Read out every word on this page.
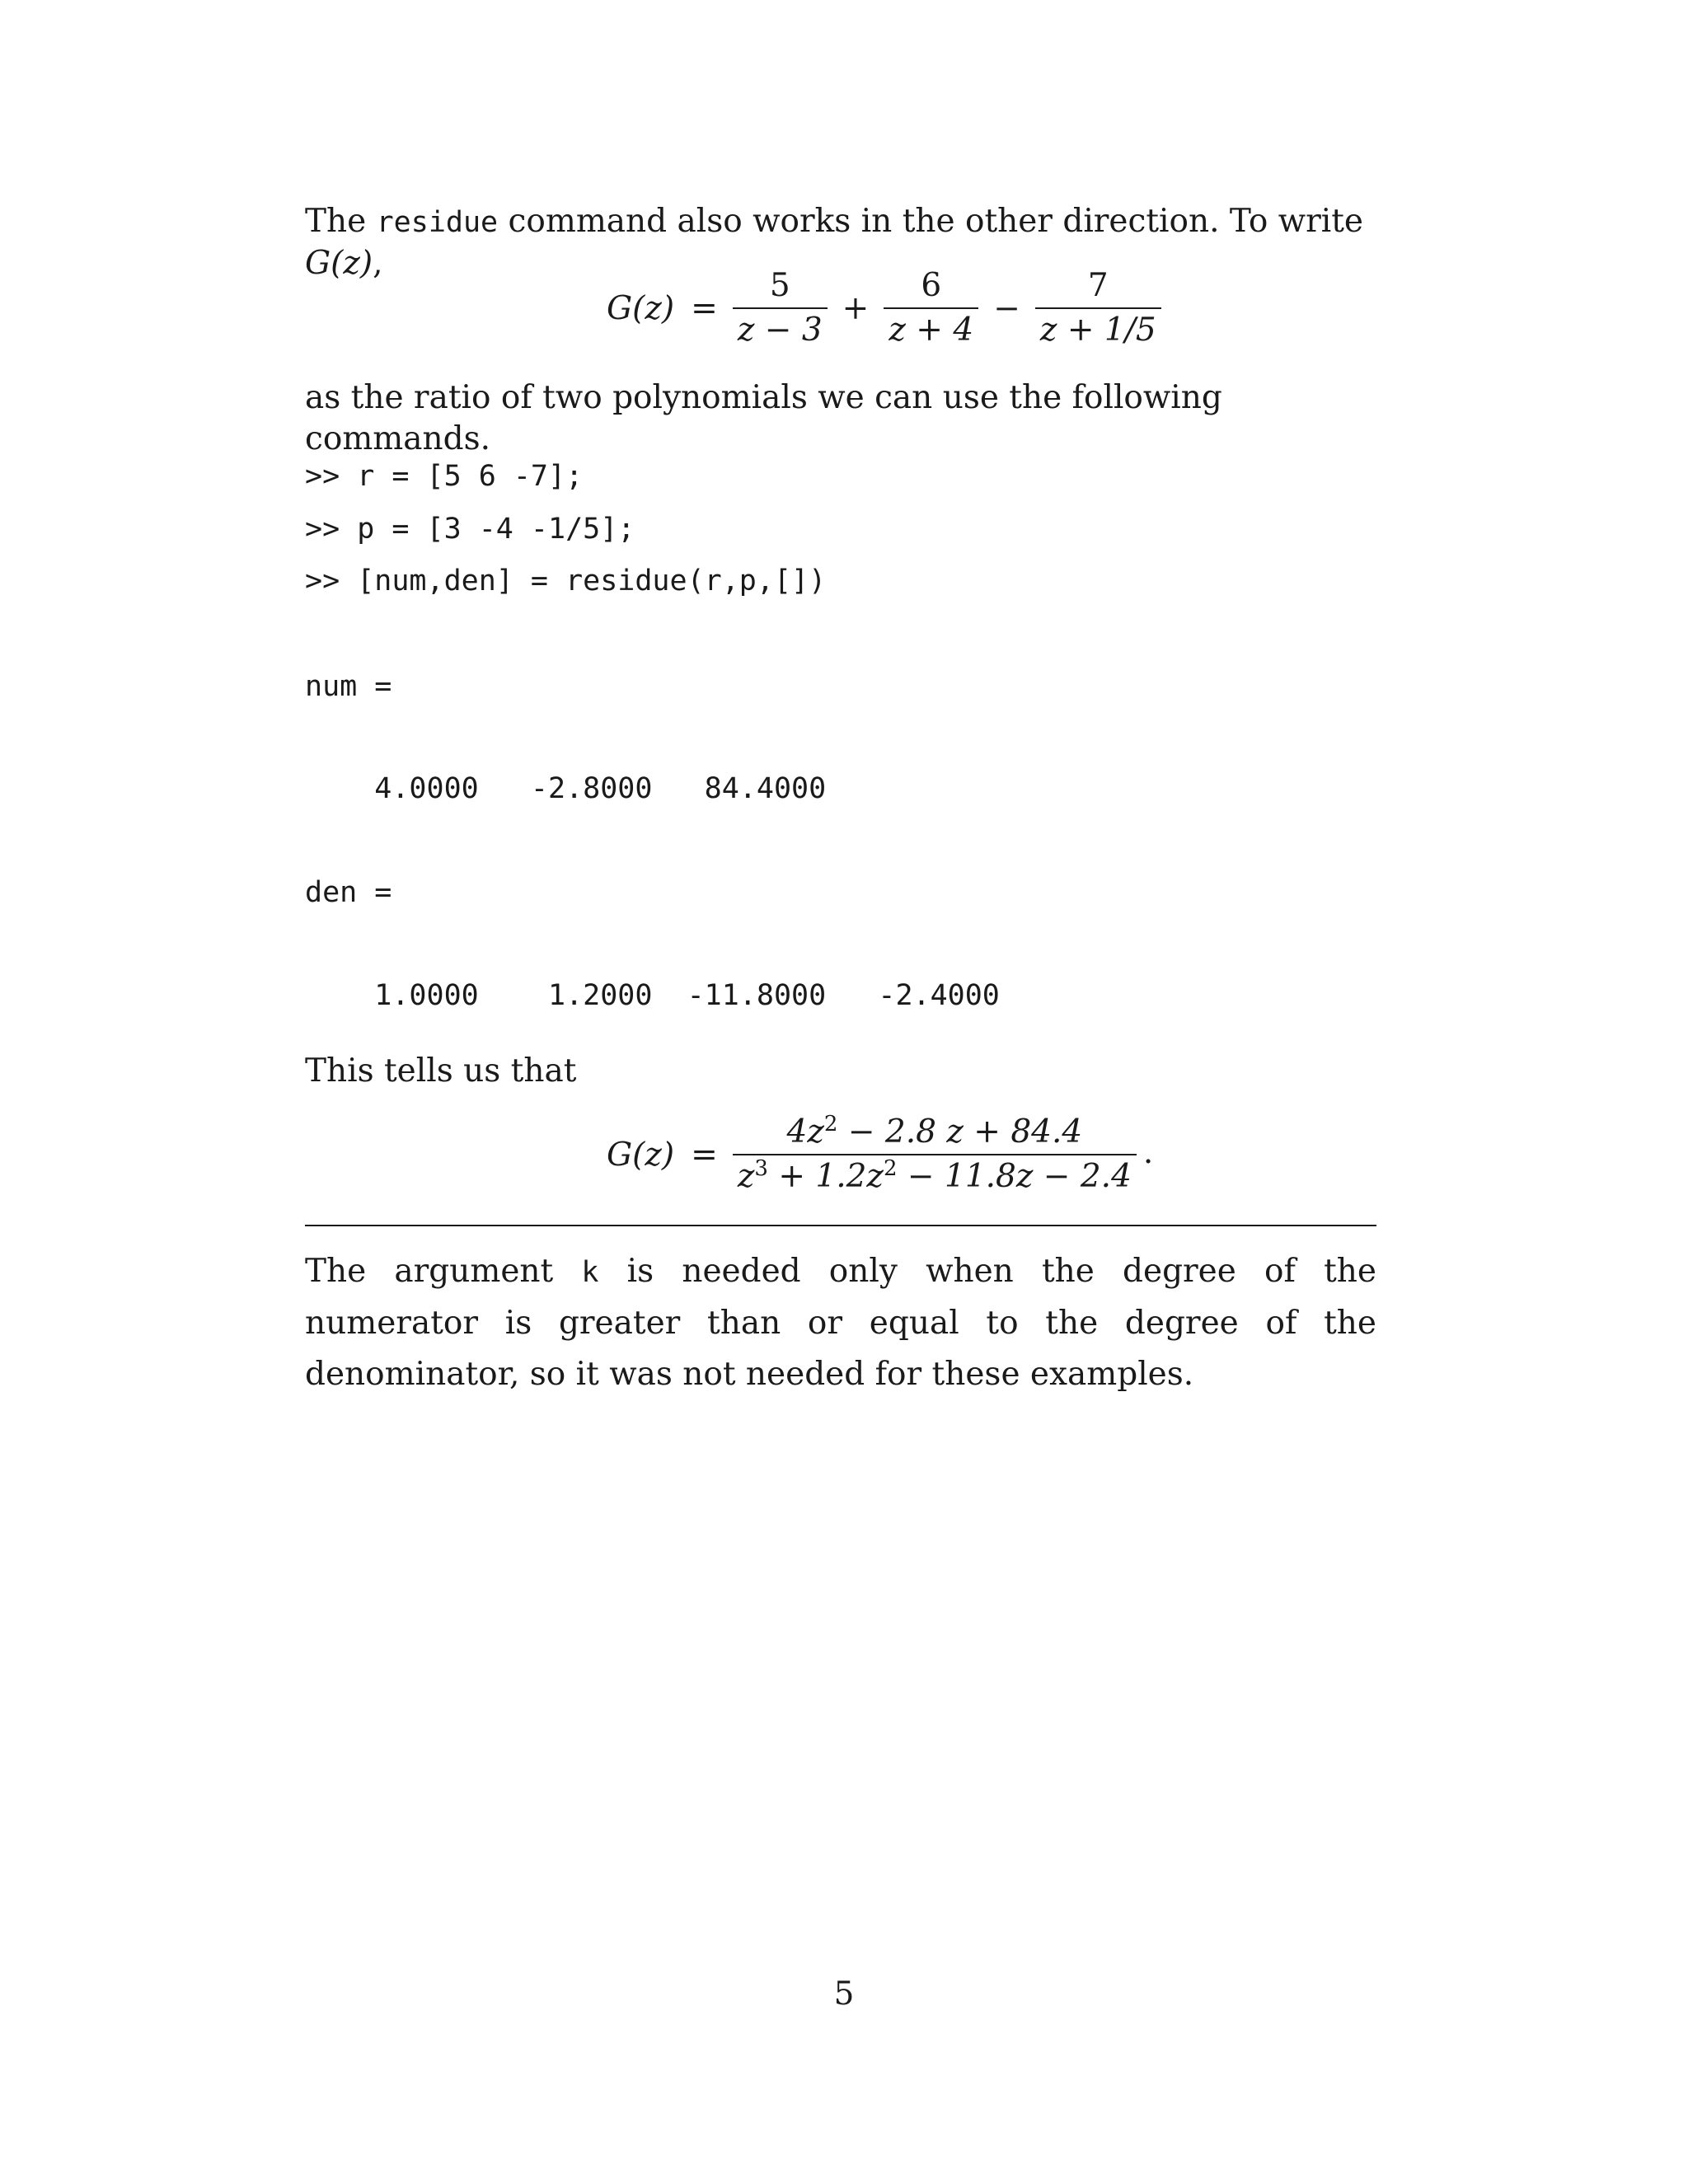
The residue command also works in the other direction. To write G(z),
$G(z) = \frac{5}{z - 3} + \frac{6}{z + 4} - \frac{7}{z + 1/5}$
as the ratio of two polynomials we can use the following commands.
>> r = [5 6 -7];
>> p = [3 -4 -1/5];
>> [num,den] = residue(r,p,[])
num =
4.0000   -2.8000   84.4000
den =
1.0000    1.2000  -11.8000   -2.4000
This tells us that
$G(z) = \frac{4z^2 - 2.8 z + 84.4}{z^3 + 1.2z^2 - 11.8z - 2.4}$ .
The argument k is needed only when the degree of the numerator is greater than or equal to the degree of the denominator, so it was not needed for these examples.
5
